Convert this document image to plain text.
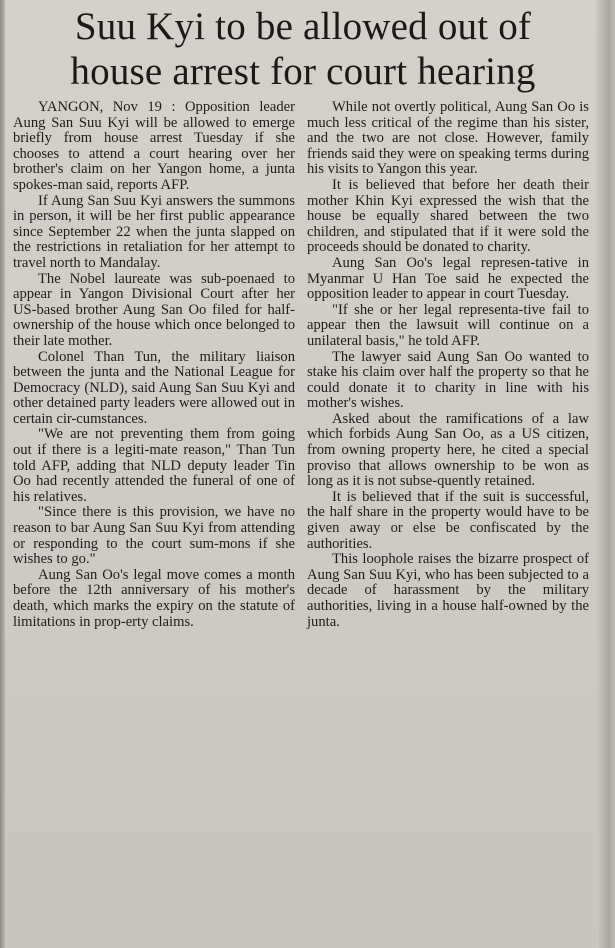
Suu Kyi to be allowed out of
house arrest for court hearing

YANGON, Nov 19 : Opposition leader Aung San Suu Kyi will be allowed to emerge briefly from house arrest Tuesday if she chooses to attend a court hearing over her brother's claim on her Yangon home, a junta spokes-man said, reports AFP.

If Aung San Suu Kyi answers the summons in person, it will be her first public appearance since September 22 when the junta slapped on the restrictions in retaliation for her attempt to travel north to Mandalay.

The Nobel laureate was sub-poenaed to appear in Yangon Divisional Court after her US-based brother Aung San Oo filed for half-ownership of the house which once belonged to their late mother.

Colonel Than Tun, the military liaison between the junta and the National League for Democracy (NLD), said Aung San Suu Kyi and other detained party leaders were allowed out in certain cir-cumstances.

"We are not preventing them from going out if there is a legiti-mate reason," Than Tun told AFP, adding that NLD deputy leader Tin Oo had recently attended the funeral of one of his relatives.

"Since there is this provision, we have no reason to bar Aung San Suu Kyi from attending or responding to the court sum-mons if she wishes to go."

Aung San Oo's legal move comes a month before the 12th anniversary of his mother's death, which marks the expiry on the statute of limitations in prop-erty claims.

While not overtly political, Aung San Oo is much less critical of the regime than his sister, and the two are not close. However, family friends said they were on speaking terms during his visits to Yangon this year.

It is believed that before her death their mother Khin Kyi expressed the wish that the house be equally shared between the two children, and stipulated that if it were sold the proceeds should be donated to charity.

Aung San Oo's legal represen-tative in Myanmar U Han Toe said he expected the opposition leader to appear in court Tuesday.

"If she or her legal representa-tive fail to appear then the lawsuit will continue on a unilateral basis," he told AFP.

The lawyer said Aung San Oo wanted to stake his claim over half the property so that he could donate it to charity in line with his mother's wishes.

Asked about the ramifications of a law which forbids Aung San Oo, as a US citizen, from owning property here, he cited a special proviso that allows ownership to be won as long as it is not subse-quently retained.

It is believed that if the suit is successful, the half share in the property would have to be given away or else be confiscated by the authorities.

This loophole raises the bizarre prospect of Aung San Suu Kyi, who has been subjected to a decade of harassment by the military authorities, living in a house half-owned by the junta.
